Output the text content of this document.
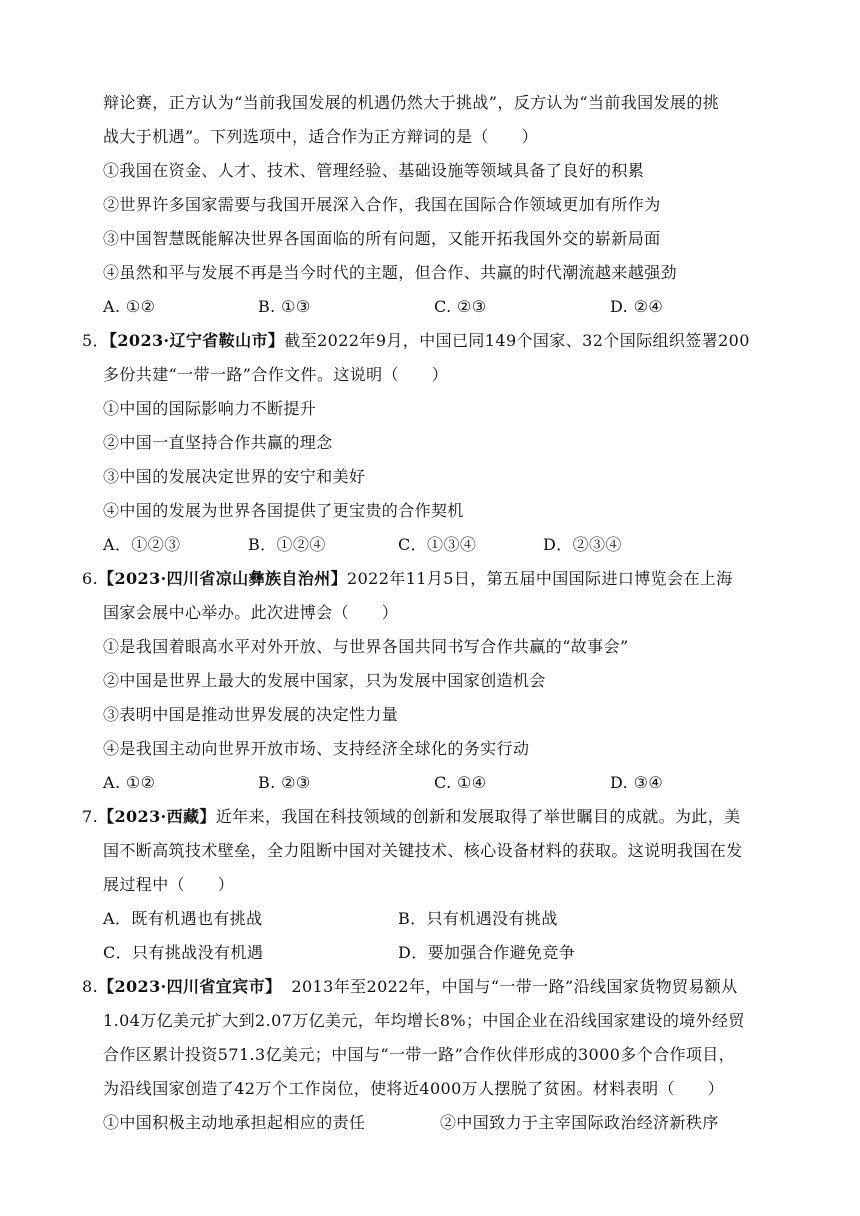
辩论赛，正方认为“当前我国发展的机遇仍然大于挑战”，反方认为“当前我国发展的挑
战大于机遇”。下列选项中，适合作为正方辩词的是（　　）
①我国在资金、人才、技术、管理经验、基础设施等领域具备了良好的积累
②世界许多国家需要与我国开展深入合作，我国在国际合作领域更加有所作为
③中国智慧既能解决世界各国面临的所有问题，又能开拓我国外交的崭新局面
④虽然和平与发展不再是当今时代的主题，但合作、共赢的时代潮流越来越强劲
A. ①②	B. ①③	C. ②③	D. ②④
5．【2023·辽宁省鞍山市】截至2022年9月，中国已同149个国家、32个国际组织签署200
多份共建“一带一路”合作文件。这说明（　　）
①中国的国际影响力不断提升
②中国一直坚持合作共赢的理念
③中国的发展决定世界的安宁和美好
④中国的发展为世界各国提供了更宝贵的合作契机
A．①②③	B．①②④	C．①③④	D．②③④
6.【2023·四川省凉山彝族自治州】2022年11月5日，第五届中国国际进口博览会在上海
国家会展中心举办。此次进博会（　　）
①是我国着眼高水平对外开放、与世界各国共同书写合作共赢的“故事会”
②中国是世界上最大的发展中国家，只为发展中国家创造机会
③表明中国是推动世界发展的决定性力量
④是我国主动向世界开放市场、支持经济全球化的务实行动
A. ①②	B. ②③	C. ①④	D. ③④
7.【2023·西藏】近年来，我国在科技领域的创新和发展取得了举世瞩目的成就。为此，美
国不断高筑技术壁垒，全力阻断中国对关键技术、核心设备材料的获取。这说明我国在发
展过程中（　　）
A．既有机遇也有挑战	B．只有机遇没有挑战
C．只有挑战没有机遇	D．要加强合作避免竞争
8.【2023·四川省宜宾市】 2013年至2022年，中国与“一带一路”沿线国家货物贸易额从
1.04万亿美元扩大到2.07万亿美元，年均增长8%；中国企业在沿线国家建设的境外经贸
合作区累计投资571.3亿美元；中国与“一带一路”合作伙伴形成的3000多个合作项目，
为沿线国家创造了42万个工作岗位，使将近4000万人摆脱了贫困。材料表明（　　）
①中国积极主动地承担起相应的责任	②中国致力于主宰国际政治经济新秩序
